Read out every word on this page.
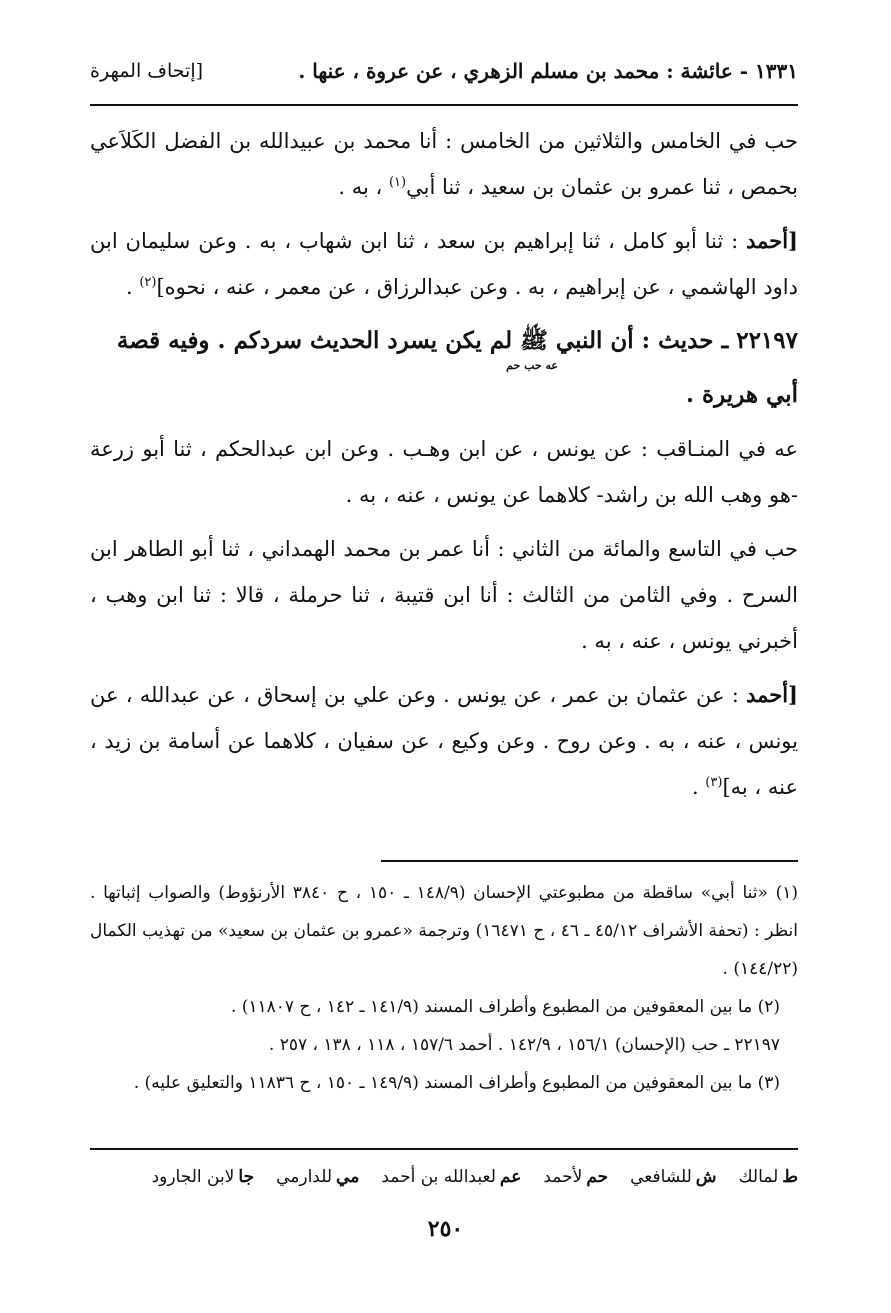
١٣٣١ - عائشة : محمد بن مسلم الزهري ، عن عروة ، عنها .
[إتحاف المهرة

حب في الخامس والثلاثين من الخامس : أنا محمد بن عبيدالله بن الفضل الكَلاَعي بحمص ، ثنا عمرو بن عثمان بن سعيد ، ثنا أبي$^{(١)}$ ، به .

[أحمد : ثنا أبو كامل ، ثنا إبراهيم بن سعد ، ثنا ابن شهاب ، به . وعن سليمان ابن داود الهاشمي ، عن إبراهيم ، به . وعن عبدالرزاق ، عن معمر ، عنه ، نحوه]$^{(٢)}$ .

٢٢١٩٧ ـ حديث : أن النبي ﷺ لم يكن يسرد الحديث سردكم . وفيه قصة
عه حب حم
أبي هريرة .

عه في المنـاقب : عن يونس ، عن ابن وهـب . وعن ابن عبدالحكم ، ثنا أبو زرعة -هو وهب الله بن راشد- كلاهما عن يونس ، عنه ، به .

حب في التاسع والمائة من الثاني : أنا عمر بن محمد الهمداني ، ثنا أبو الطاهر ابن السرح . وفي الثامن من الثالث : أنا ابن قتيبة ، ثنا حرملة ، قالا : ثنا ابن وهب ، أخبرني يونس ، عنه ، به .

[أحمد : عن عثمان بن عمر ، عن يونس . وعن علي بن إسحاق ، عن عبدالله ، عن يونس ، عنه ، به . وعن روح . وعن وكيع ، عن سفيان ، كلاهما عن أسامة بن زيد ، عنه ، به]$^{(٣)}$ .

(١) «ثنا أبي» ساقطة من مطبوعتي الإحسان (١٤٨/٩ ـ ١٥٠ ، ح ٣٨٤٠ الأرنؤوط) والصواب إثباتها . انظر : (تحفة الأشراف ٤٥/١٢ ـ ٤٦ ، ح ١٦٤٧١) وترجمة «عمرو بن عثمان بن سعيد» من تهذيب الكمال (١٤٤/٢٢) .

(٢) ما بين المعقوفين من المطبوع وأطراف المسند (١٤١/٩ ـ ١٤٢ ، ح ١١٨٠٧) .

٢٢١٩٧ ـ حب (الإحسان) ١٥٦/١ ، ١٤٢/٩ . أحمد ١٥٧/٦ ، ١١٨ ، ١٣٨ ، ٢٥٧ .

(٣) ما بين المعقوفين من المطبوع وأطراف المسند (١٤٩/٩ ـ ١٥٠ ، ح ١١٨٣٦ والتعليق عليه) .

ط
لمالك
ش
للشافعي
حم
لأحمد
عم
لعبدالله بن أحمد
مي
للدارمي
جا
لابن الجارود
٢٥٠
